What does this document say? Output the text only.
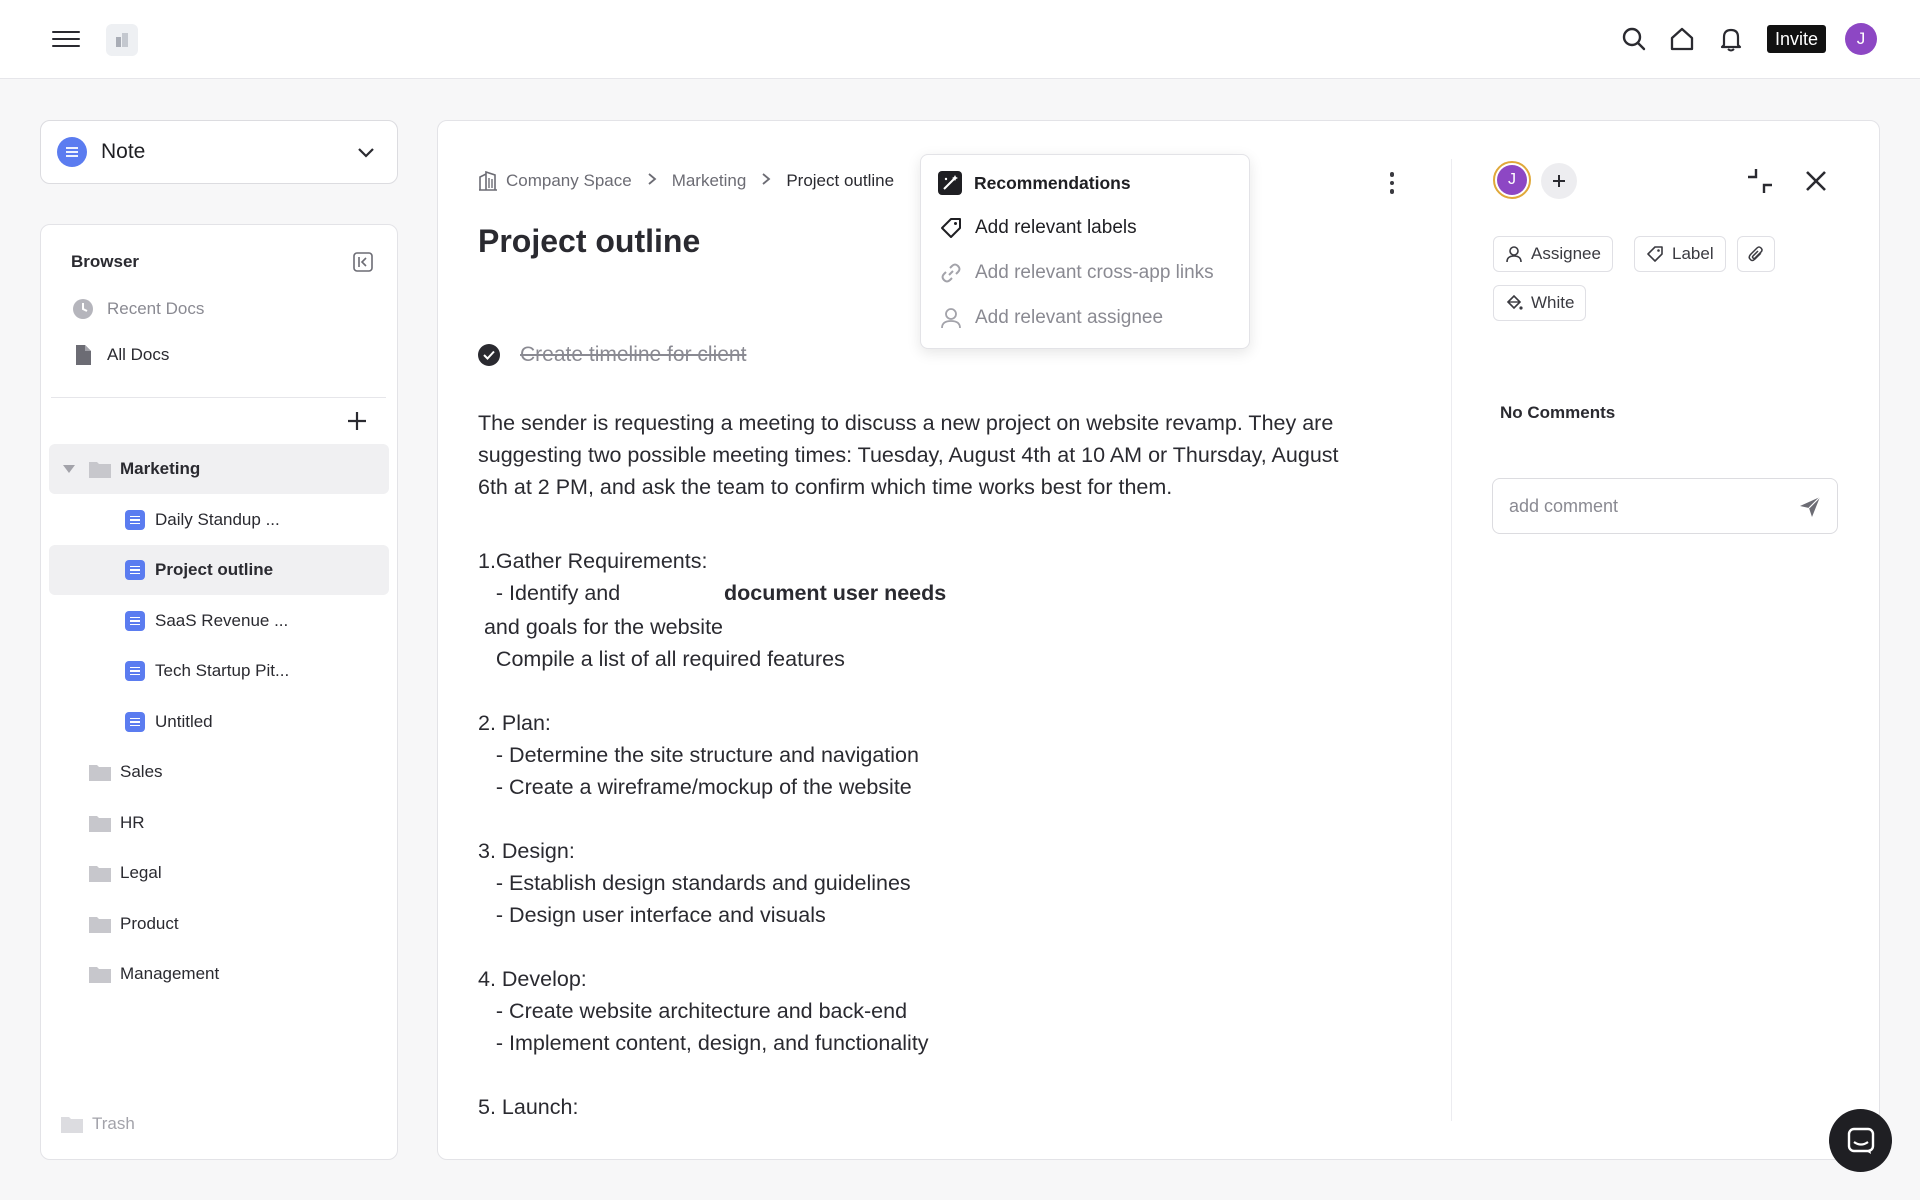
Invite	J
Note
Browser
Recent Docs
All Docs
Marketing
Daily Standup ...
Project outline
SaaS Revenue ...
Tech Startup Pit...
Untitled
Sales
HR
Legal
Product
Management
Trash
Company Space Marketing Project outline
Project outline
Create timeline for client
The sender is requesting a meeting to discuss a new project on website revamp. They are
suggesting two possible meeting times: Tuesday, August 4th at 10 AM or Thursday, August
6th at 2 PM, and ask the team to confirm which time works best for them.
1.Gather Requirements:
- Identify and	document user needs
and goals for the website
Compile a list of all required features
2. Plan:
- Determine the site structure and navigation
- Create a wireframe/mockup of the website
3. Design:
- Establish design standards and guidelines
- Design user interface and visuals
4. Develop:
- Create website architecture and back-end
- Implement content, design, and functionality
5. Launch:
J
Assignee	Label
White
No Comments
add comment
Recommendations
Add relevant labels
Add relevant cross-app links
Add relevant assignee
